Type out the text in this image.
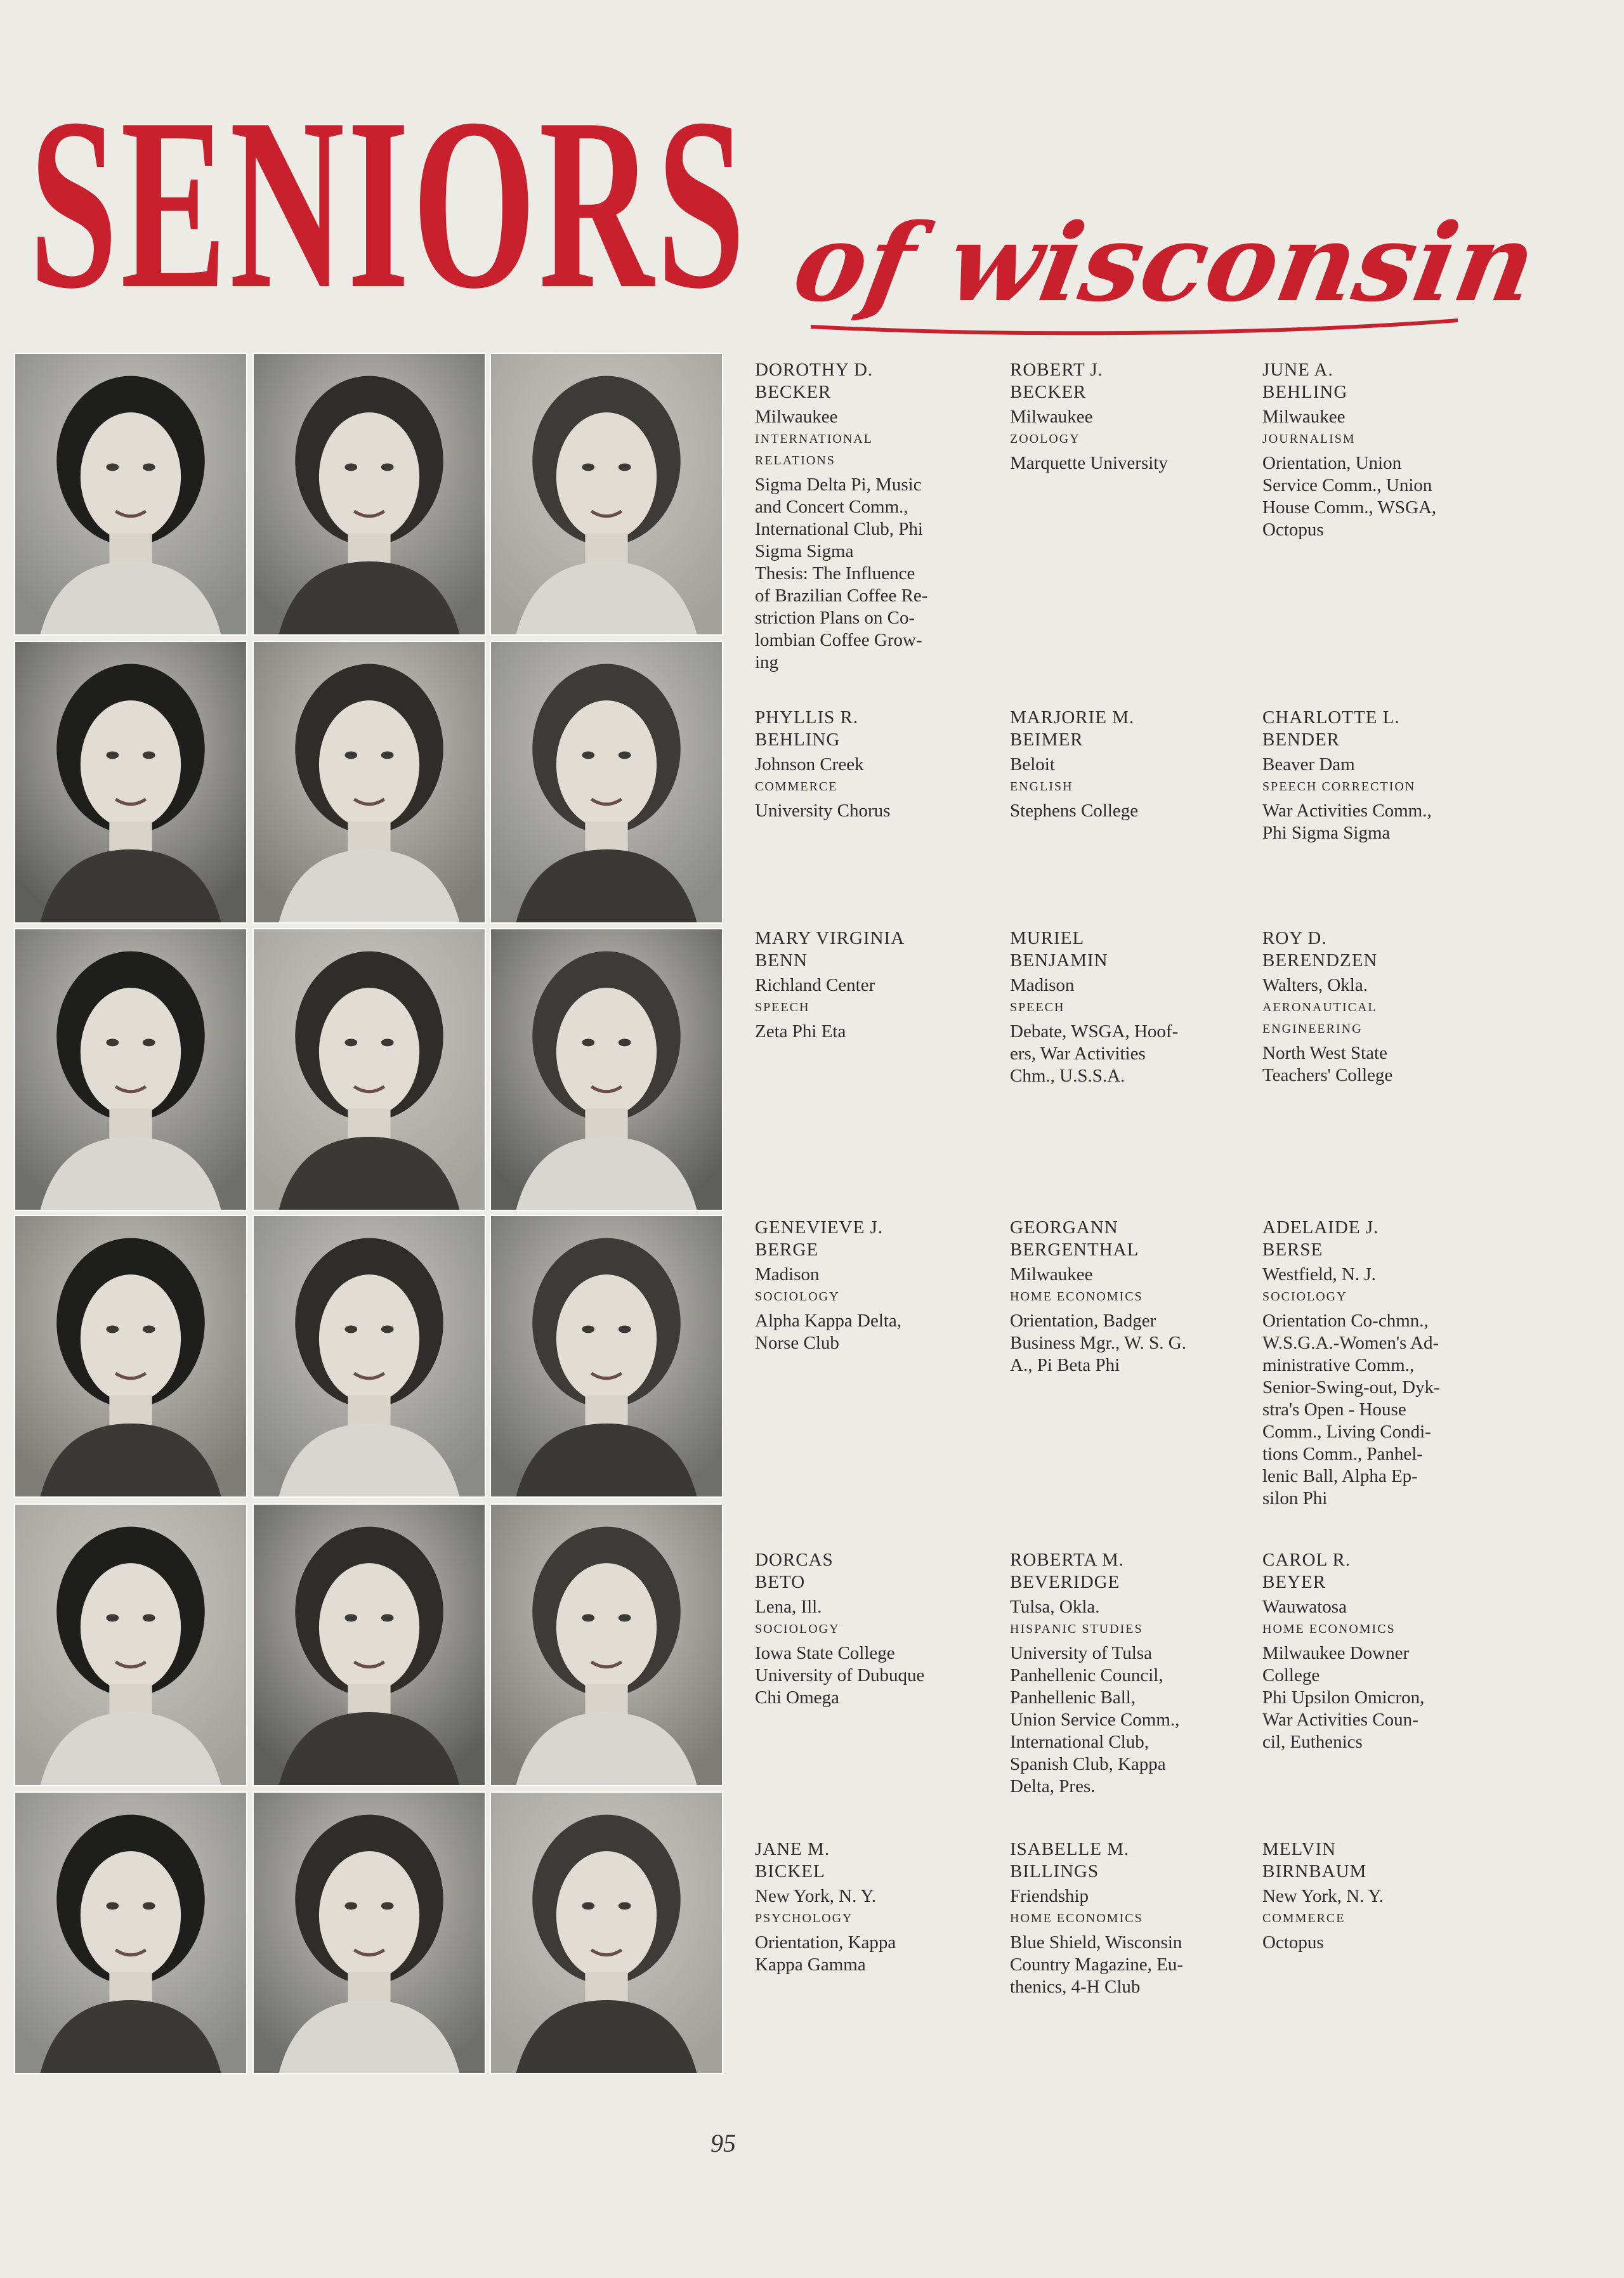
SENIORS of wisconsin
DOROTHY D.
BECKER
Milwaukee
INTERNATIONAL
RELATIONS
Sigma Delta Pi, Music
and Concert Comm.,
International Club, Phi
Sigma Sigma
Thesis: The Influence
of Brazilian Coffee Re-
striction Plans on Co-
lombian Coffee Grow-
ing
ROBERT J.
BECKER
Milwaukee
ZOOLOGY
Marquette University
JUNE A.
BEHLING
Milwaukee
JOURNALISM
Orientation, Union
Service Comm., Union
House Comm., WSGA,
Octopus
PHYLLIS R.
BEHLING
Johnson Creek
COMMERCE
University Chorus
MARJORIE M.
BEIMER
Beloit
ENGLISH
Stephens College
CHARLOTTE L.
BENDER
Beaver Dam
SPEECH CORRECTION
War Activities Comm.,
Phi Sigma Sigma
MARY VIRGINIA
BENN
Richland Center
SPEECH
Zeta Phi Eta
MURIEL
BENJAMIN
Madison
SPEECH
Debate, WSGA, Hoof-
ers, War Activities
Chm., U.S.S.A.
ROY D.
BERENDZEN
Walters, Okla.
AERONAUTICAL
ENGINEERING
North West State
Teachers' College
GENEVIEVE J.
BERGE
Madison
SOCIOLOGY
Alpha Kappa Delta,
Norse Club
GEORGANN
BERGENTHAL
Milwaukee
HOME ECONOMICS
Orientation, Badger
Business Mgr., W. S. G.
A., Pi Beta Phi
ADELAIDE J.
BERSE
Westfield, N. J.
SOCIOLOGY
Orientation Co-chmn.,
W.S.G.A.-Women's Ad-
ministrative Comm.,
Senior-Swing-out, Dyk-
stra's Open - House
Comm., Living Condi-
tions Comm., Panhel-
lenic Ball, Alpha Ep-
silon Phi
DORCAS
BETO
Lena, Ill.
SOCIOLOGY
Iowa State College
University of Dubuque
Chi Omega
ROBERTA M.
BEVERIDGE
Tulsa, Okla.
HISPANIC STUDIES
University of Tulsa
Panhellenic Council,
Panhellenic Ball,
Union Service Comm.,
International Club,
Spanish Club, Kappa
Delta, Pres.
CAROL R.
BEYER
Wauwatosa
HOME ECONOMICS
Milwaukee Downer
College
Phi Upsilon Omicron,
War Activities Coun-
cil, Euthenics
JANE M.
BICKEL
New York, N. Y.
PSYCHOLOGY
Orientation, Kappa
Kappa Gamma
ISABELLE M.
BILLINGS
Friendship
HOME ECONOMICS
Blue Shield, Wisconsin
Country Magazine, Eu-
thenics, 4-H Club
MELVIN
BIRNBAUM
New York, N. Y.
COMMERCE
Octopus
95
